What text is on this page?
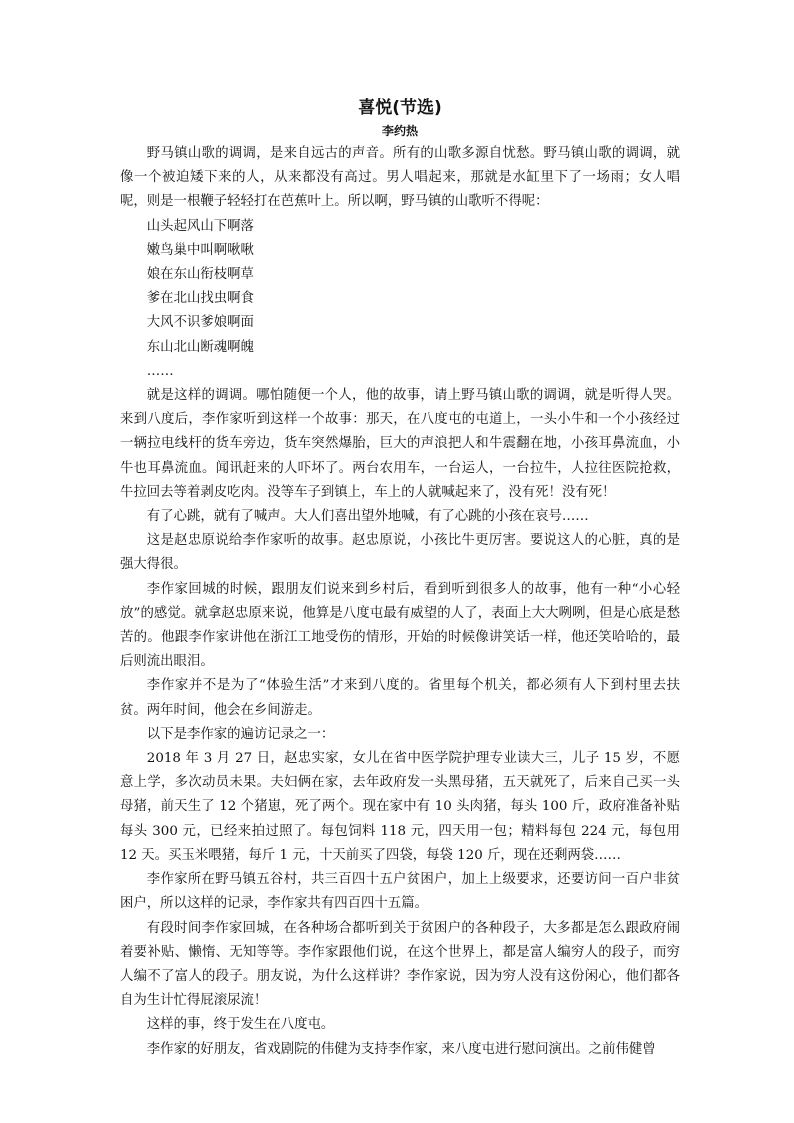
喜悦(节选)
李约热

野马镇山歌的调调，是来自远古的声音。所有的山歌多源自忧愁。野马镇山歌的调调，就像一个被迫矮下来的人，从来都没有高过。男人唱起来，那就是水缸里下了一场雨；女人唱呢，则是一根鞭子轻轻打在芭蕉叶上。所以啊，野马镇的山歌听不得呢：

山头起风山下啊落

嫩鸟巢中叫啊啾啾

娘在东山衔枝啊草

爹在北山找虫啊食

大风不识爹娘啊面

东山北山断魂啊魄

……

就是这样的调调。哪怕随便一个人，他的故事，请上野马镇山歌的调调，就是听得人哭。来到八度后，李作家听到这样一个故事：那天，在八度屯的屯道上，一头小牛和一个小孩经过一辆拉电线杆的货车旁边，货车突然爆胎，巨大的声浪把人和牛震翻在地，小孩耳鼻流血，小牛也耳鼻流血。闻讯赶来的人吓坏了。两台农用车，一台运人，一台拉牛，人拉往医院抢救，牛拉回去等着剥皮吃肉。没等车子到镇上，车上的人就喊起来了，没有死！没有死！

有了心跳，就有了喊声。大人们喜出望外地喊，有了心跳的小孩在哀号……

这是赵忠原说给李作家听的故事。赵忠原说，小孩比牛更厉害。要说这人的心脏，真的是强大得很。

李作家回城的时候，跟朋友们说来到乡村后，看到听到很多人的故事，他有一种“小心轻放”的感觉。就拿赵忠原来说，他算是八度屯最有威望的人了，表面上大大咧咧，但是心底是愁苦的。他跟李作家讲他在浙江工地受伤的情形，开始的时候像讲笑话一样，他还笑哈哈的，最后则流出眼泪。

李作家并不是为了“体验生活”才来到八度的。省里每个机关，都必须有人下到村里去扶贫。两年时间，他会在乡间游走。

以下是李作家的遍访记录之一：

2018 年 3 月 27 日，赵忠实家，女儿在省中医学院护理专业读大三，儿子 15 岁，不愿意上学，多次动员未果。夫妇俩在家，去年政府发一头黑母猪，五天就死了，后来自己买一头母猪，前天生了 12 个猪崽，死了两个。现在家中有 10 头肉猪，每头 100 斤，政府准备补贴每头 300 元，已经来拍过照了。每包饲料 118 元，四天用一包；精料每包 224 元，每包用 12 天。买玉米喂猪，每斤 1 元，十天前买了四袋，每袋 120 斤，现在还剩两袋……

李作家所在野马镇五谷村，共三百四十五户贫困户，加上上级要求，还要访问一百户非贫困户，所以这样的记录，李作家共有四百四十五篇。

有段时间李作家回城，在各种场合都听到关于贫困户的各种段子，大多都是怎么跟政府闹着要补贴、懒惰、无知等等。李作家跟他们说，在这个世界上，都是富人编穷人的段子，而穷人编不了富人的段子。朋友说，为什么这样讲？李作家说，因为穷人没有这份闲心，他们都各自为生计忙得屁滚尿流！

这样的事，终于发生在八度屯。

李作家的好朋友，省戏剧院的伟健为支持李作家，来八度屯进行慰问演出。之前伟健曾
